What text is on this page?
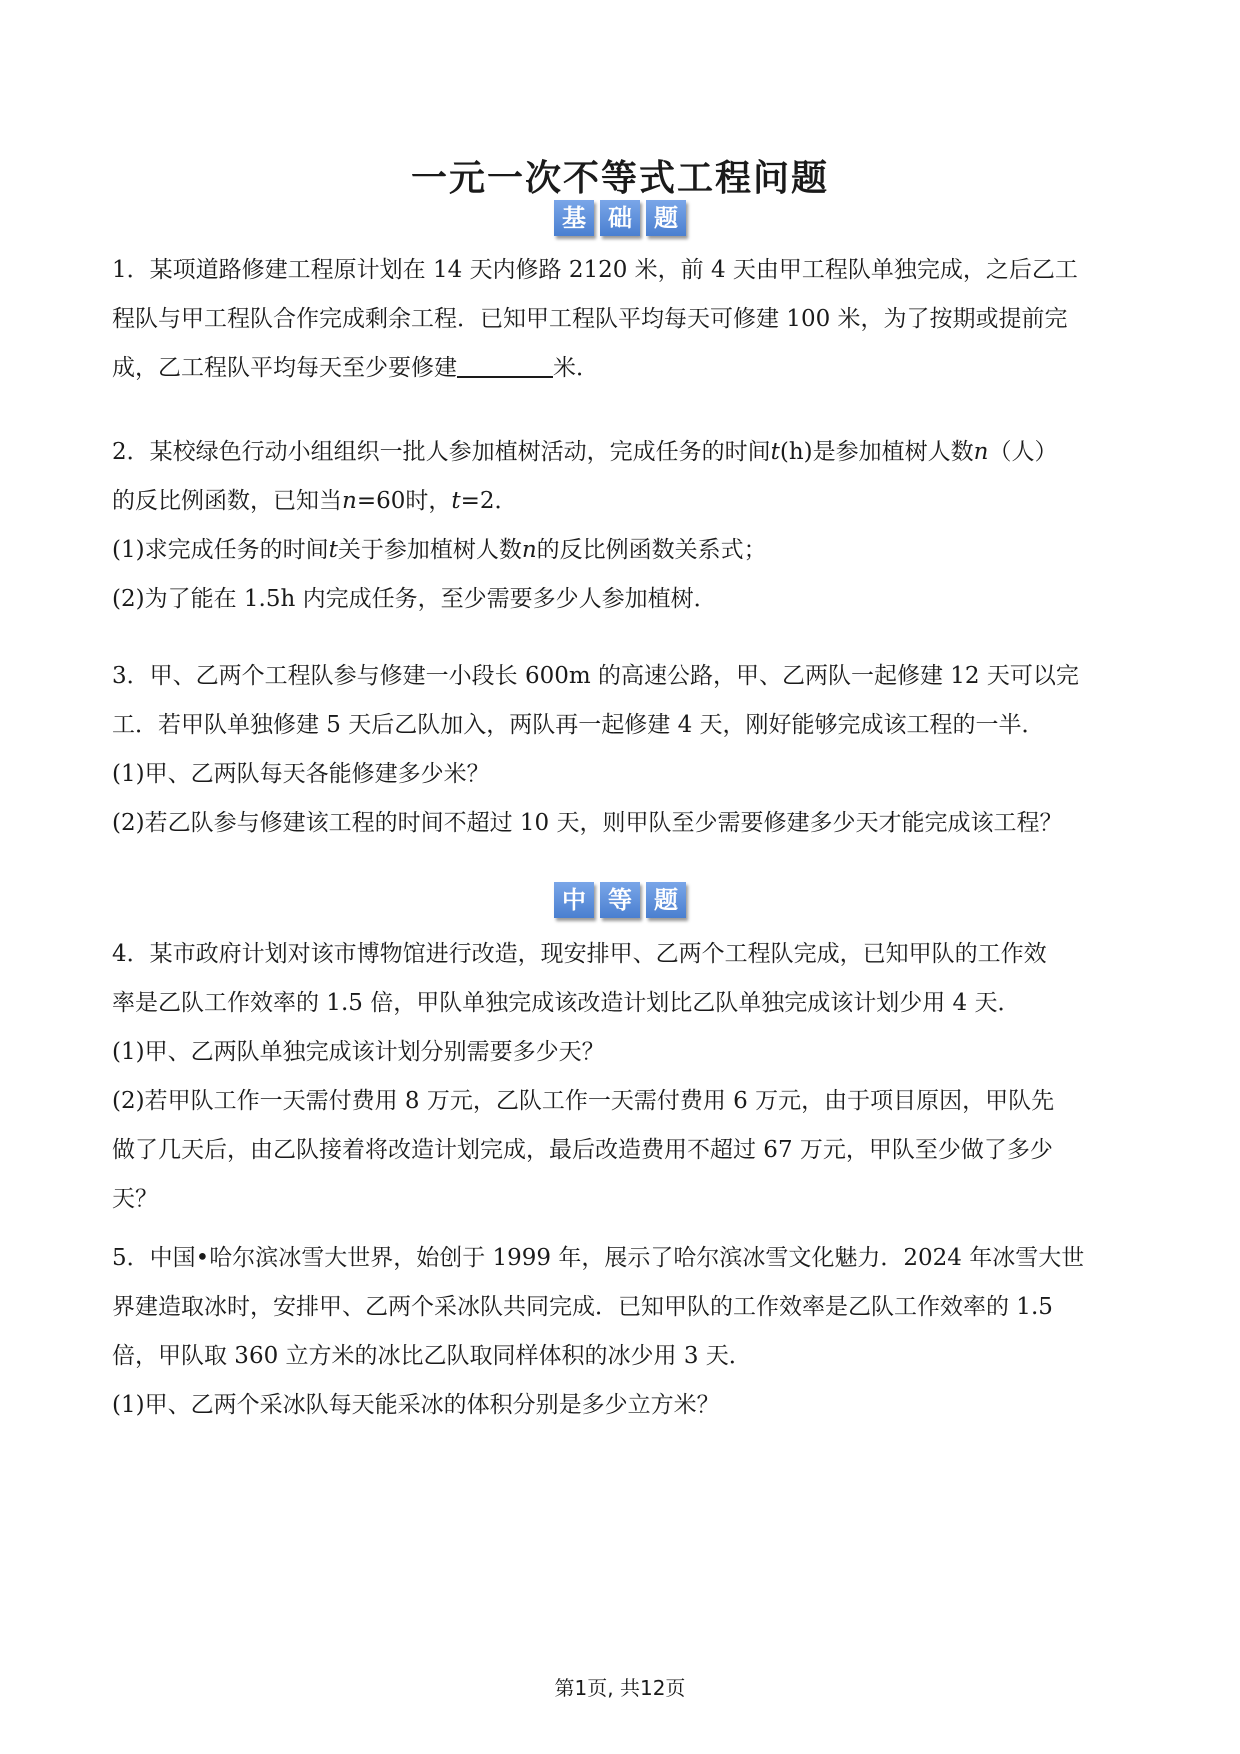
一元一次不等式工程问题
基 础 题

1．某项道路修建工程原计划在 14 天内修路 2120 米，前 4 天由甲工程队单独完成，之后乙工

程队与甲工程队合作完成剩余工程．已知甲工程队平均每天可修建 100 米，为了按期或提前完

成，乙工程队平均每天至少要修建	米．

2．某校绿色行动小组组织一批人参加植树活动，完成任务的时间t(h)是参加植树人数n（人）

的反比例函数，已知当n=60时，t=2．

(1)求完成任务的时间t关于参加植树人数n的反比例函数关系式；

(2)为了能在 1.5h 内完成任务，至少需要多少人参加植树．

3．甲、乙两个工程队参与修建一小段长 600m 的高速公路，甲、乙两队一起修建 12 天可以完

工．若甲队单独修建 5 天后乙队加入，两队再一起修建 4 天，刚好能够完成该工程的一半．

(1)甲、乙两队每天各能修建多少米？

(2)若乙队参与修建该工程的时间不超过 10 天，则甲队至少需要修建多少天才能完成该工程？

中 等 题

4．某市政府计划对该市博物馆进行改造，现安排甲、乙两个工程队完成，已知甲队的工作效

率是乙队工作效率的 1.5 倍，甲队单独完成该改造计划比乙队单独完成该计划少用 4 天．

(1)甲、乙两队单独完成该计划分别需要多少天？

(2)若甲队工作一天需付费用 8 万元，乙队工作一天需付费用 6 万元，由于项目原因，甲队先

做了几天后，由乙队接着将改造计划完成，最后改造费用不超过 67 万元，甲队至少做了多少

天？

5．中国•哈尔滨冰雪大世界，始创于 1999 年，展示了哈尔滨冰雪文化魅力．2024 年冰雪大世

界建造取冰时，安排甲、乙两个采冰队共同完成．已知甲队的工作效率是乙队工作效率的 1.5

倍，甲队取 360 立方米的冰比乙队取同样体积的冰少用 3 天．

(1)甲、乙两个采冰队每天能采冰的体积分别是多少立方米？

第1页, 共12页
